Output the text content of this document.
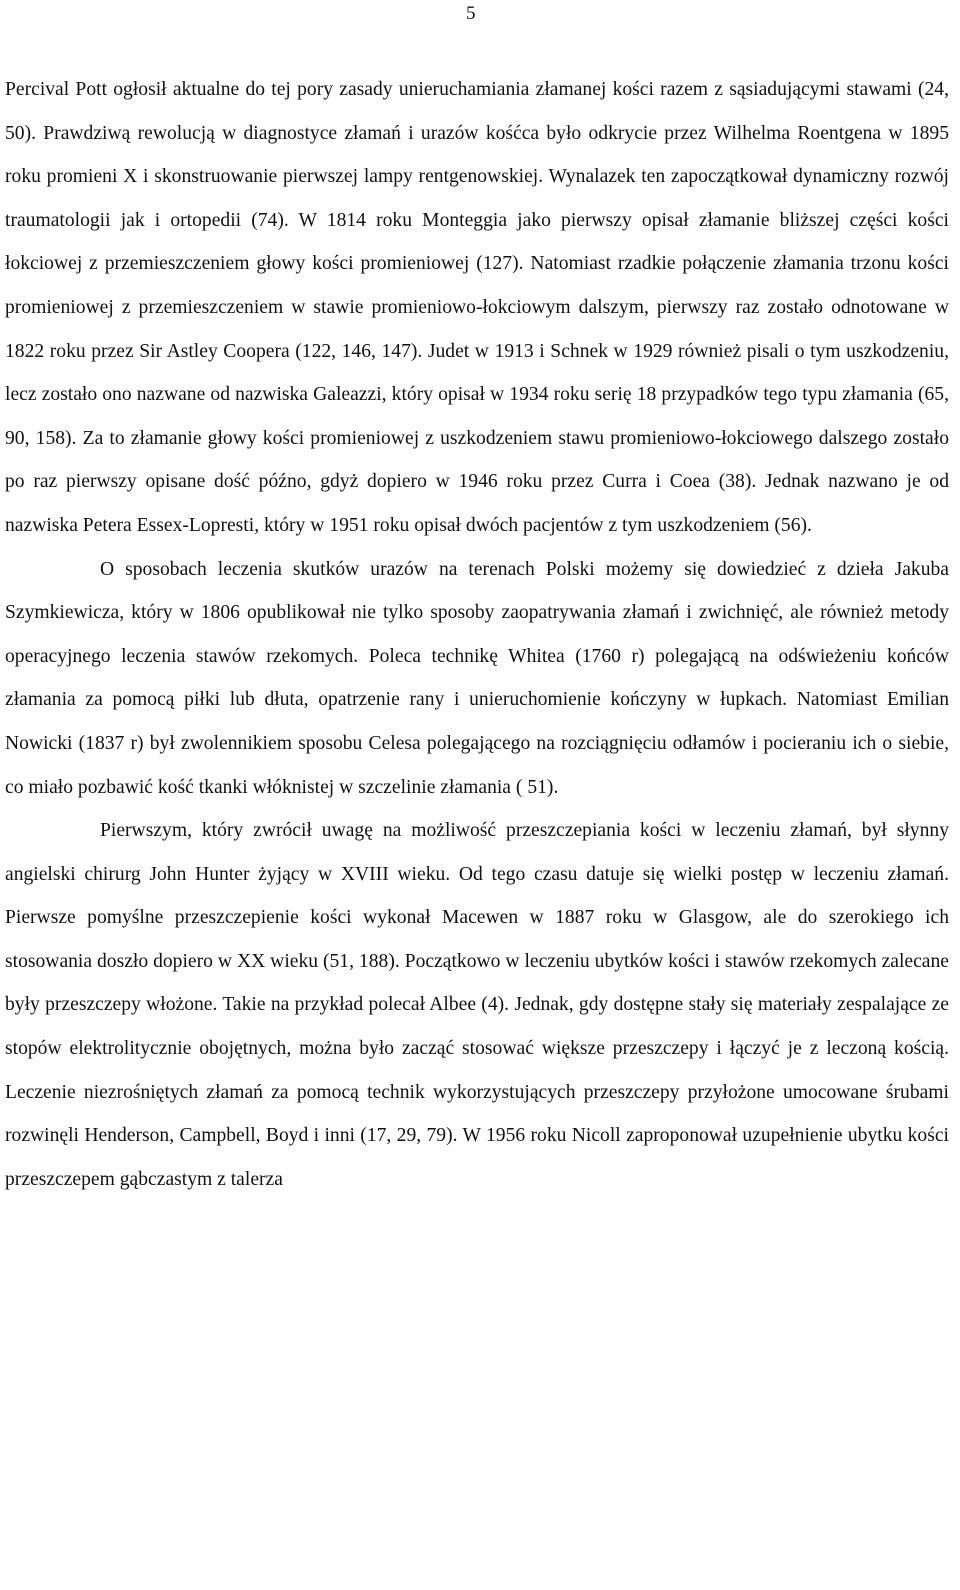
5

Percival Pott ogłosił aktualne do tej pory zasady unieruchamiania złamanej kości razem z sąsiadującymi stawami (24, 50). Prawdziwą rewolucją w diagnostyce złamań i urazów kośćca było odkrycie przez Wilhelma Roentgena w 1895 roku promieni X i skonstruowanie pierwszej lampy rentgenowskiej. Wynalazek ten zapoczątkował dynamiczny rozwój traumatologii jak i ortopedii (74). W 1814 roku Monteggia jako pierwszy opisał złamanie bliższej części kości łokciowej z przemieszczeniem głowy kości promieniowej (127). Natomiast rzadkie połączenie złamania trzonu kości promieniowej z przemieszczeniem w stawie promieniowo-łokciowym dalszym, pierwszy raz zostało odnotowane w 1822 roku przez Sir Astley Coopera (122, 146, 147). Judet w 1913 i Schnek w 1929 również pisali o tym uszkodzeniu, lecz zostało ono nazwane od nazwiska Galeazzi, który opisał w 1934 roku serię 18 przypadków tego typu złamania (65, 90, 158). Za to złamanie głowy kości promieniowej z uszkodzeniem stawu promieniowo-łokciowego dalszego zostało po raz pierwszy opisane dość późno, gdyż dopiero w 1946 roku przez Curra i Coea (38). Jednak nazwano je od nazwiska Petera Essex-Lopresti, który w 1951 roku opisał dwóch pacjentów z tym uszkodzeniem (56).

O sposobach leczenia skutków urazów na terenach Polski możemy się dowiedzieć z dzieła Jakuba Szymkiewicza, który w 1806 opublikował nie tylko sposoby zaopatrywania złamań i zwichnięć, ale również metody operacyjnego leczenia stawów rzekomych. Poleca technikę Whitea (1760 r) polegającą na odświeżeniu końców złamania za pomocą piłki lub dłuta, opatrzenie rany i unieruchomienie kończyny w łupkach. Natomiast Emilian Nowicki (1837 r) był zwolennikiem sposobu Celesa polegającego na rozciągnięciu odłamów i pocieraniu ich o siebie, co miało pozbawić kość tkanki włóknistej w szczelinie złamania ( 51).

Pierwszym, który zwrócił uwagę na możliwość przeszczepiania kości w leczeniu złamań, był słynny angielski chirurg John Hunter żyjący w XVIII wieku. Od tego czasu datuje się wielki postęp w leczeniu złamań. Pierwsze pomyślne przeszczepienie kości wykonał Macewen w 1887 roku w Glasgow, ale do szerokiego ich stosowania doszło dopiero w XX wieku (51, 188). Początkowo w leczeniu ubytków kości i stawów rzekomych zalecane były przeszczepy włożone. Takie na przykład polecał Albee (4). Jednak, gdy dostępne stały się materiały zespalające ze stopów elektrolitycznie obojętnych, można było zacząć stosować większe przeszczepy i łączyć je z leczoną kością. Leczenie niezrośniętych złamań za pomocą technik wykorzystujących przeszczepy przyłożone umocowane śrubami rozwinęli Henderson, Campbell, Boyd i inni (17, 29, 79). W 1956 roku Nicoll zaproponował uzupełnienie ubytku kości przeszczepem gąbczastym z talerza
